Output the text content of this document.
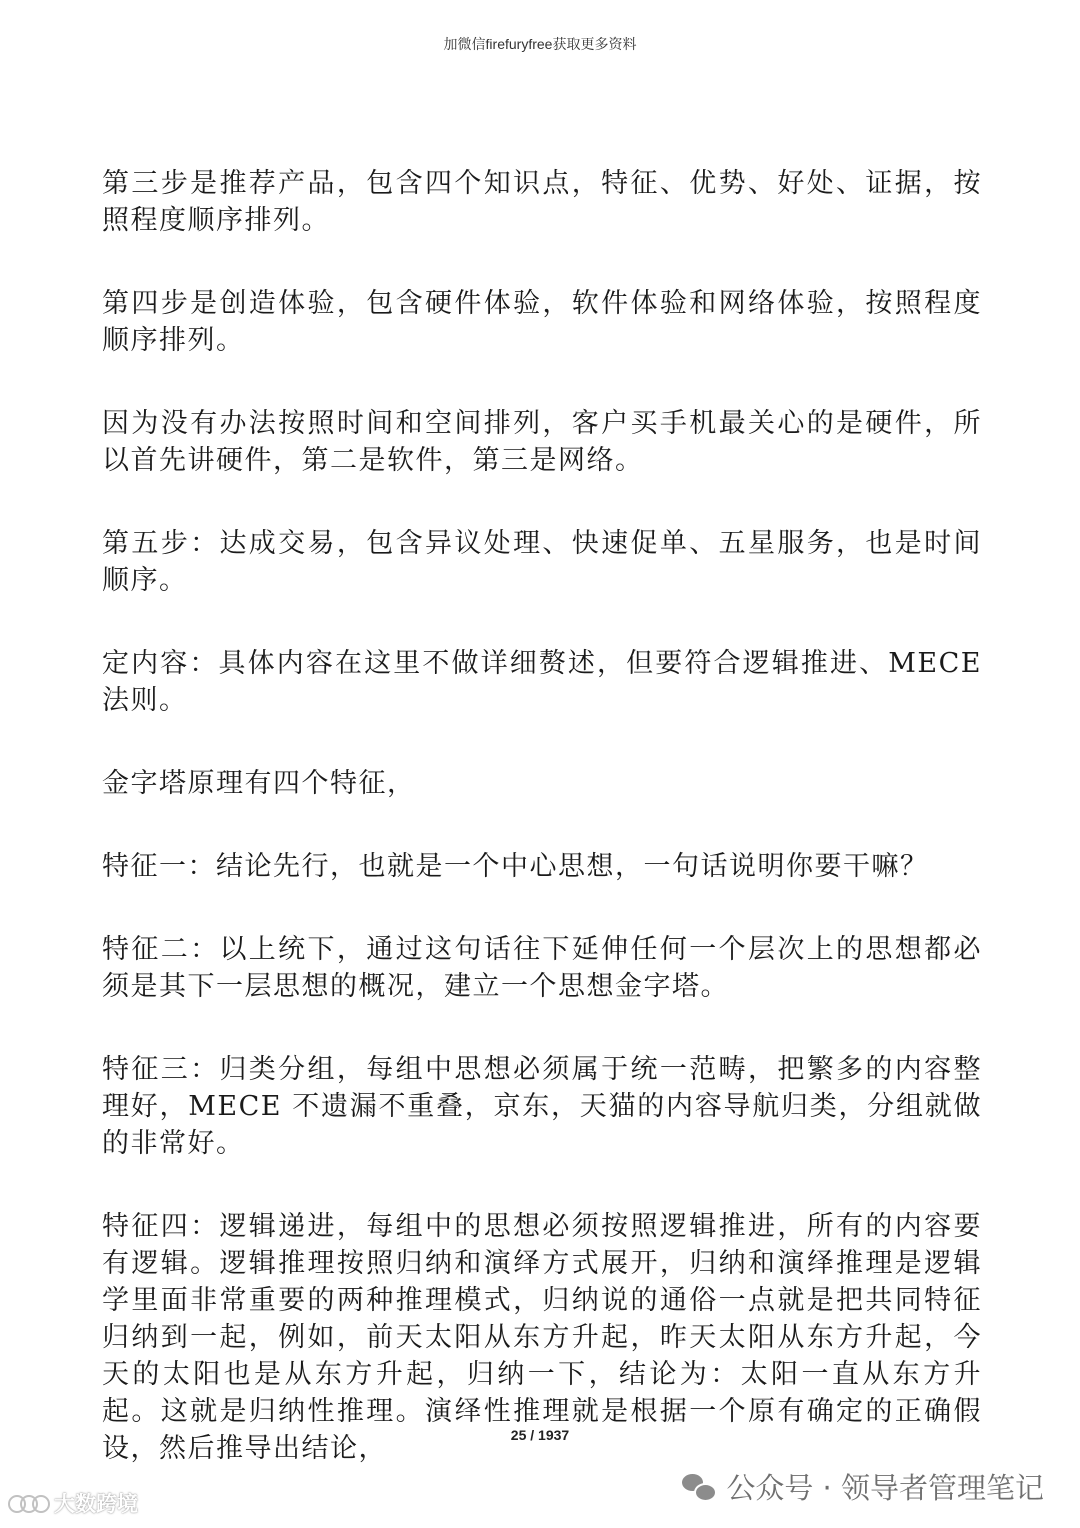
加微信firefuryfree获取更多资料

第三步是推荐产品，包含四个知识点，特征、优势、好处、证据，按照程度顺序排列。

第四步是创造体验，包含硬件体验，软件体验和网络体验，按照程度顺序排列。

因为没有办法按照时间和空间排列，客户买手机最关心的是硬件，所以首先讲硬件，第二是软件，第三是网络。

第五步：达成交易，包含异议处理、快速促单、五星服务，也是时间顺序。

定内容：具体内容在这里不做详细赘述，但要符合逻辑推进、MECE 法则。

金字塔原理有四个特征，

特征一：结论先行，也就是一个中心思想，一句话说明你要干嘛？

特征二：以上统下，通过这句话往下延伸任何一个层次上的思想都必须是其下一层思想的概况，建立一个思想金字塔。

特征三：归类分组，每组中思想必须属于统一范畴，把繁多的内容整理好，MECE 不遗漏不重叠，京东，天猫的内容导航归类，分组就做的非常好。

特征四：逻辑递进，每组中的思想必须按照逻辑推进，所有的内容要有逻辑。逻辑推理按照归纳和演绎方式展开，归纳和演绎推理是逻辑学里面非常重要的两种推理模式，归纳说的通俗一点就是把共同特征归纳到一起，例如，前天太阳从东方升起，昨天太阳从东方升起，今天的太阳也是从东方升起，归纳一下，结论为：太阳一直从东方升起。这就是归纳性推理。演绎性推理就是根据一个原有确定的正确假设，然后推导出结论，	25 / 1937
公众号 · 领导者管理笔记
大数跨境
